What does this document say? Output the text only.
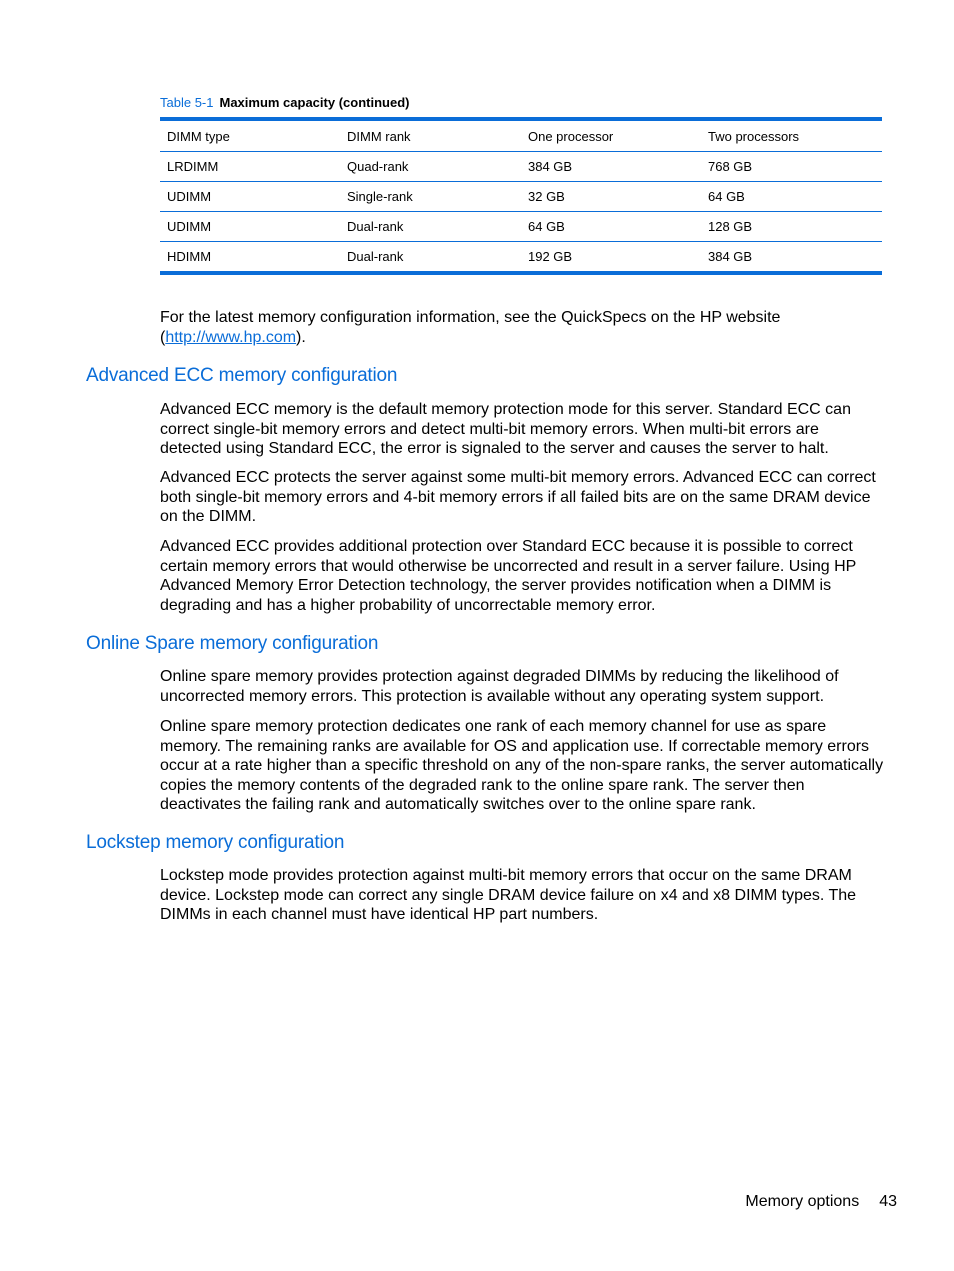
Table 5-1 Maximum capacity (continued)
DIMM type	DIMM rank	One processor	Two processors
LRDIMM	Quad-rank	384 GB	768 GB
UDIMM	Single-rank	32 GB	64 GB
UDIMM	Dual-rank	64 GB	128 GB
HDIMM	Dual-rank	192 GB	384 GB

For the latest memory configuration information, see the QuickSpecs on the HP website (http://www.hp.com).

Advanced ECC memory configuration

Advanced ECC memory is the default memory protection mode for this server. Standard ECC can correct single-bit memory errors and detect multi-bit memory errors. When multi-bit errors are detected using Standard ECC, the error is signaled to the server and causes the server to halt.

Advanced ECC protects the server against some multi-bit memory errors. Advanced ECC can correct both single-bit memory errors and 4-bit memory errors if all failed bits are on the same DRAM device on the DIMM.

Advanced ECC provides additional protection over Standard ECC because it is possible to correct certain memory errors that would otherwise be uncorrected and result in a server failure. Using HP Advanced Memory Error Detection technology, the server provides notification when a DIMM is degrading and has a higher probability of uncorrectable memory error.

Online Spare memory configuration

Online spare memory provides protection against degraded DIMMs by reducing the likelihood of uncorrected memory errors. This protection is available without any operating system support.

Online spare memory protection dedicates one rank of each memory channel for use as spare memory. The remaining ranks are available for OS and application use. If correctable memory errors occur at a rate higher than a specific threshold on any of the non-spare ranks, the server automatically copies the memory contents of the degraded rank to the online spare rank. The server then deactivates the failing rank and automatically switches over to the online spare rank.

Lockstep memory configuration

Lockstep mode provides protection against multi-bit memory errors that occur on the same DRAM device. Lockstep mode can correct any single DRAM device failure on x4 and x8 DIMM types. The DIMMs in each channel must have identical HP part numbers.

Memory options 43
